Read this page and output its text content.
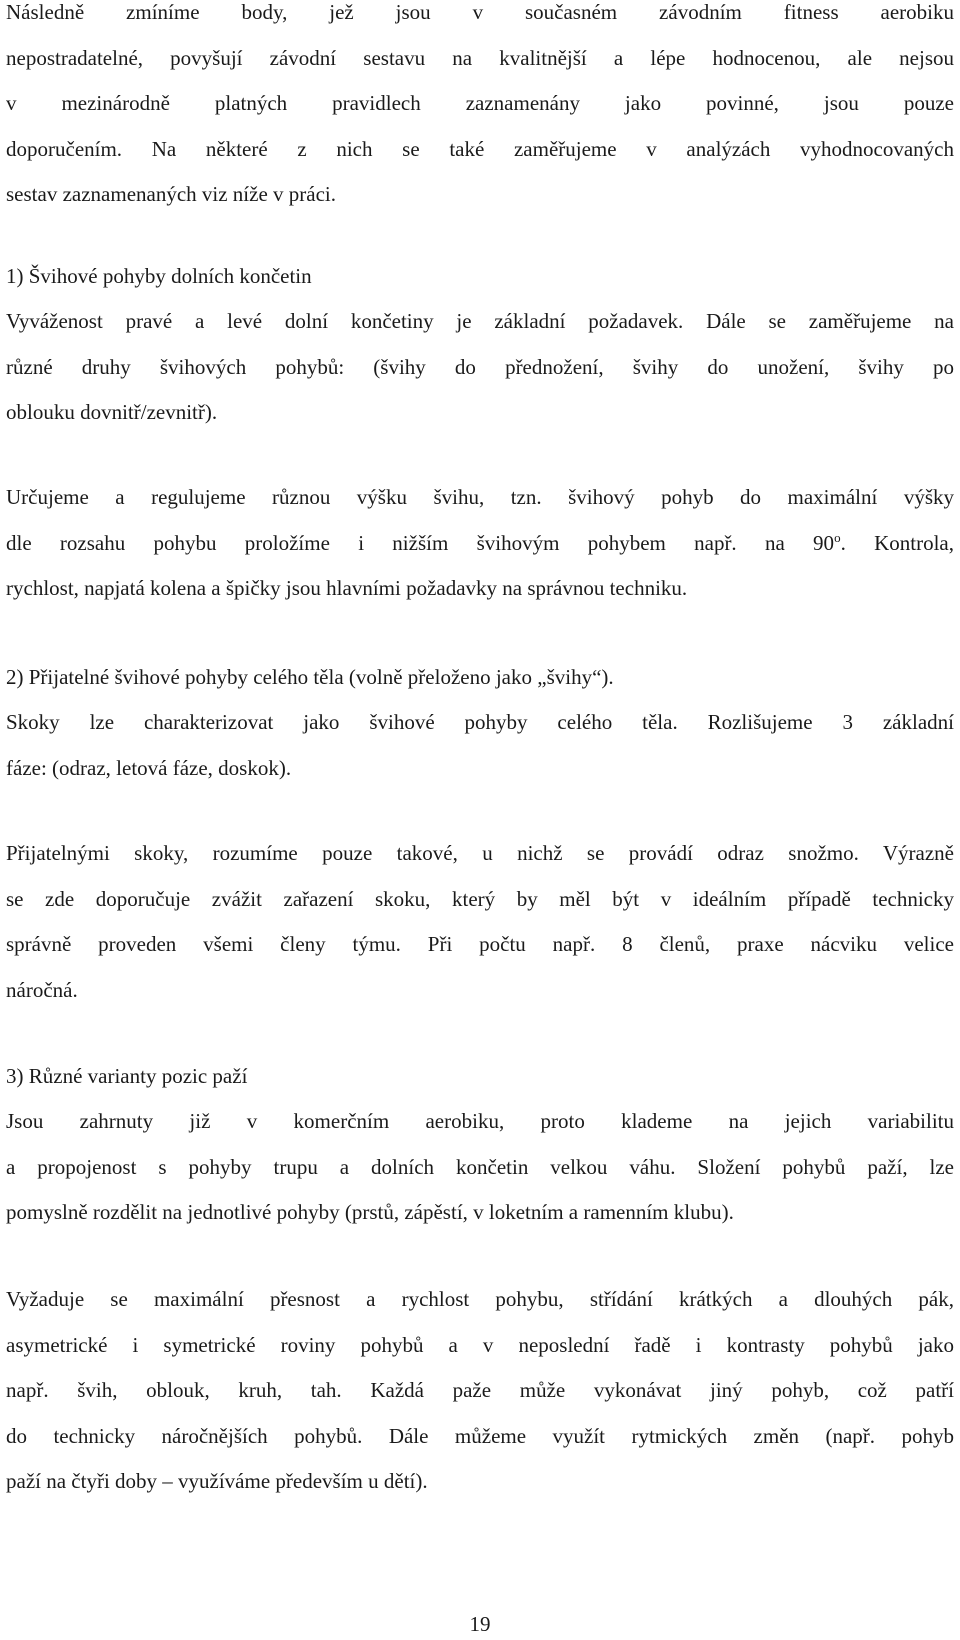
Následně zmíníme body, jež jsou v současném závodním fitness aerobiku
nepostradatelné, povyšují závodní sestavu na kvalitnější a lépe hodnocenou, ale nejsou
v mezinárodně platných pravidlech zaznamenány jako povinné, jsou pouze
doporučením. Na některé z nich se také zaměřujeme v analýzách vyhodnocovaných
sestav zaznamenaných viz níže v práci.
1) Švihové pohyby dolních končetin
Vyváženost pravé a levé dolní končetiny je základní požadavek. Dále se zaměřujeme na
různé druhy švihových pohybů: (švihy do přednožení, švihy do unožení, švihy po
oblouku dovnitř/zevnitř).
Určujeme a regulujeme různou výšku švihu, tzn. švihový pohyb do maximální výšky
dle rozsahu pohybu proložíme i nižším švihovým pohybem např. na 90$^o$. Kontrola,
rychlost, napjatá kolena a špičky jsou hlavními požadavky na správnou techniku.
2) Přijatelné švihové pohyby celého těla (volně přeloženo jako „švihy“).
Skoky lze charakterizovat jako švihové pohyby celého těla. Rozlišujeme 3 základní
fáze: (odraz, letová fáze, doskok).
Přijatelnými skoky, rozumíme pouze takové, u nichž se provádí odraz snožmo. Výrazně
se zde doporučuje zvážit zařazení skoku, který by měl být v ideálním případě technicky
správně proveden všemi členy týmu. Při počtu např. 8 členů, praxe nácviku velice
náročná.
3) Různé varianty pozic paží
Jsou zahrnuty již v komerčním aerobiku, proto klademe na jejich variabilitu
a propojenost s pohyby trupu a dolních končetin velkou váhu. Složení pohybů paží, lze
pomyslně rozdělit na jednotlivé pohyby (prstů, zápěstí, v loketním a ramenním klubu).
Vyžaduje se maximální přesnost a rychlost pohybu, střídání krátkých a dlouhých pák,
asymetrické i symetrické roviny pohybů a v neposlední řadě i kontrasty pohybů jako
např. švih, oblouk, kruh, tah. Každá paže může vykonávat jiný pohyb, což patří
do technicky náročnějších pohybů. Dále můžeme využít rytmických změn (např. pohyb
paží na čtyři doby – využíváme především u dětí).
19
